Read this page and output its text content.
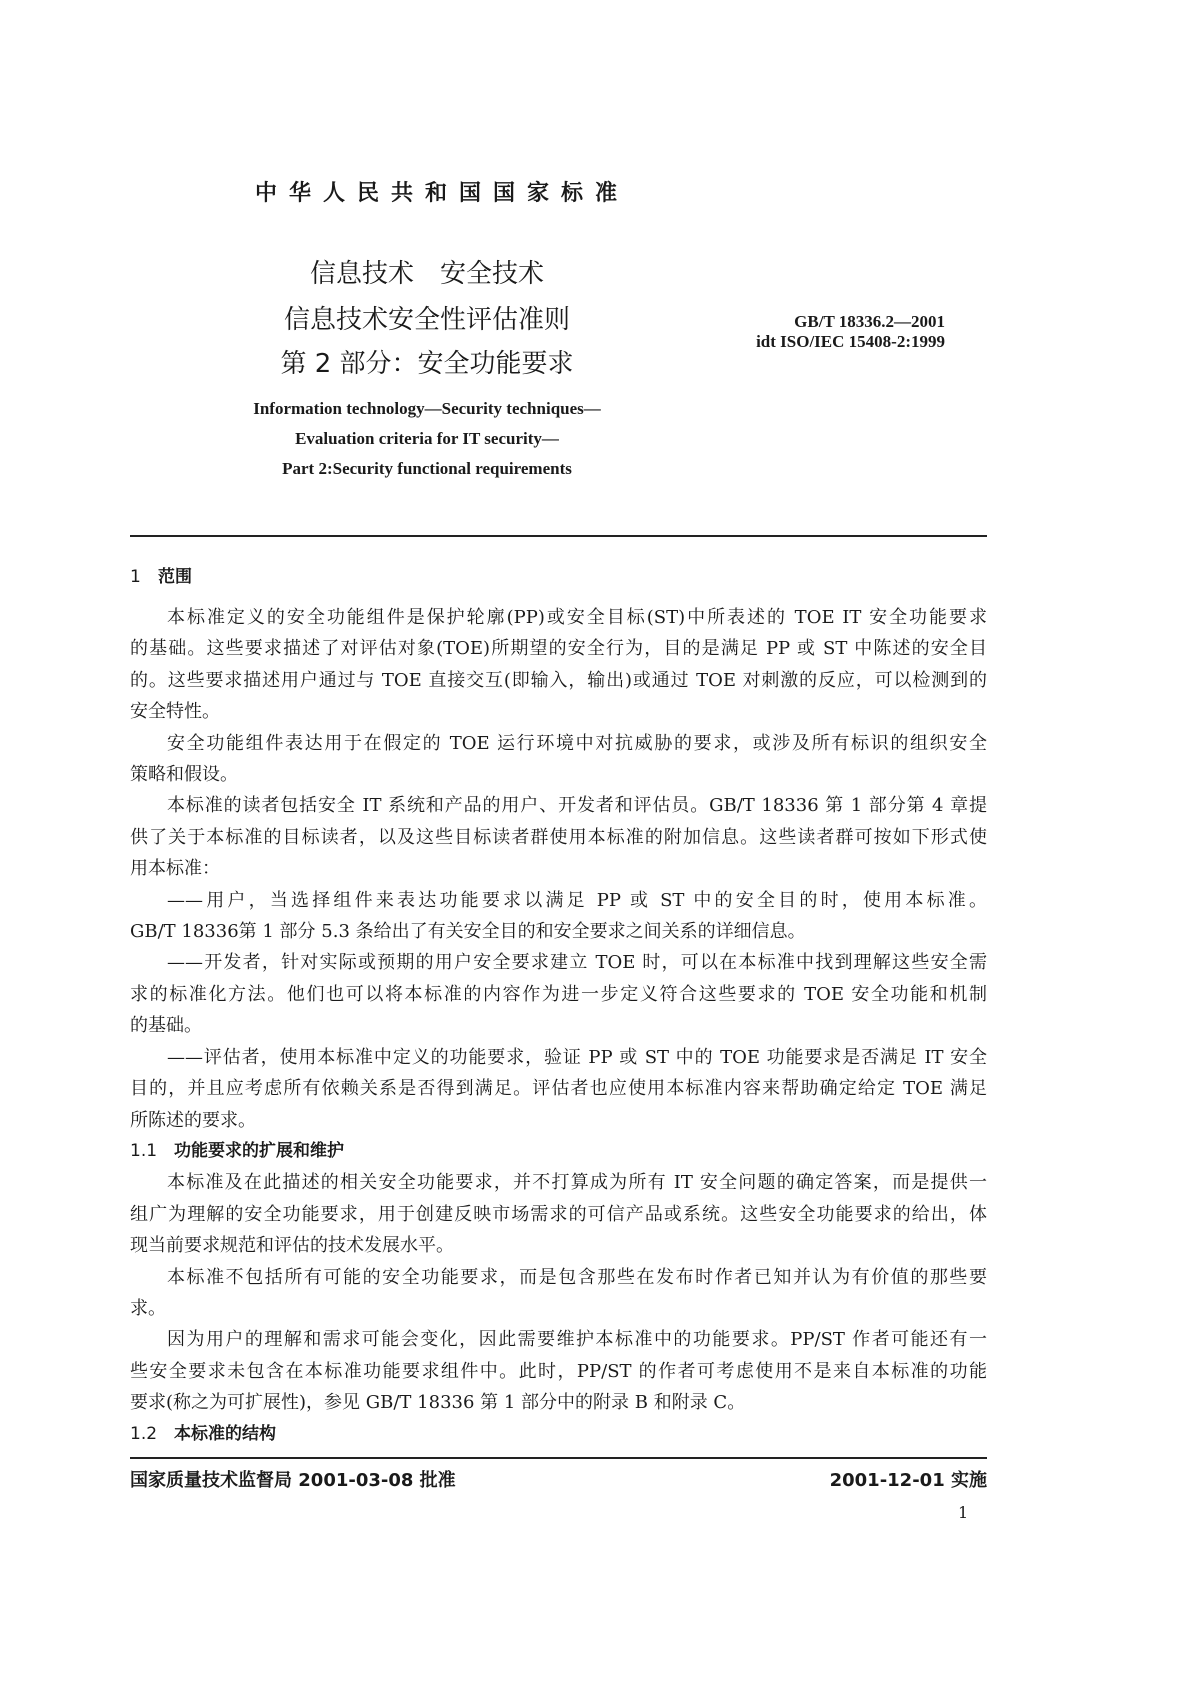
中华人民共和国国家标准
信息技术　安全技术
信息技术安全性评估准则
第 2 部分：安全功能要求
GB/T 18336.2—2001
idt ISO/IEC 15408-2:1999
Information technology—Security techniques—
Evaluation criteria for IT security—
Part 2:Security functional requirements
1 范围
本标准定义的安全功能组件是保护轮廓(PP)或安全目标(ST)中所表述的 TOE IT 安全功能要求
的基础。这些要求描述了对评估对象(TOE)所期望的安全行为，目的是满足 PP 或 ST 中陈述的安全目
的。这些要求描述用户通过与 TOE 直接交互(即输入，输出)或通过 TOE 对刺激的反应，可以检测到的
安全特性。
安全功能组件表达用于在假定的 TOE 运行环境中对抗威胁的要求，或涉及所有标识的组织安全
策略和假设。
本标准的读者包括安全 IT 系统和产品的用户、开发者和评估员。GB/T 18336 第 1 部分第 4 章提
供了关于本标准的目标读者，以及这些目标读者群使用本标准的附加信息。这些读者群可按如下形式使
用本标准：
——用户，当选择组件来表达功能要求以满足 PP 或 ST 中的安全目的时，使用本标准。
GB/T 18336第 1 部分 5.3 条给出了有关安全目的和安全要求之间关系的详细信息。
——开发者，针对实际或预期的用户安全要求建立 TOE 时，可以在本标准中找到理解这些安全需
求的标准化方法。他们也可以将本标准的内容作为进一步定义符合这些要求的 TOE 安全功能和机制
的基础。
——评估者，使用本标准中定义的功能要求，验证 PP 或 ST 中的 TOE 功能要求是否满足 IT 安全
目的，并且应考虑所有依赖关系是否得到满足。评估者也应使用本标准内容来帮助确定给定 TOE 满足
所陈述的要求。
1.1 功能要求的扩展和维护
本标准及在此描述的相关安全功能要求，并不打算成为所有 IT 安全问题的确定答案，而是提供一
组广为理解的安全功能要求，用于创建反映市场需求的可信产品或系统。这些安全功能要求的给出，体
现当前要求规范和评估的技术发展水平。
本标准不包括所有可能的安全功能要求，而是包含那些在发布时作者已知并认为有价值的那些要
求。
因为用户的理解和需求可能会变化，因此需要维护本标准中的功能要求。PP/ST 作者可能还有一
些安全要求未包含在本标准功能要求组件中。此时，PP/ST 的作者可考虑使用不是来自本标准的功能
要求(称之为可扩展性)，参见 GB/T 18336 第 1 部分中的附录 B 和附录 C。
1.2 本标准的结构
国家质量技术监督局 2001-03-08 批准	2001-12-01 实施
1
